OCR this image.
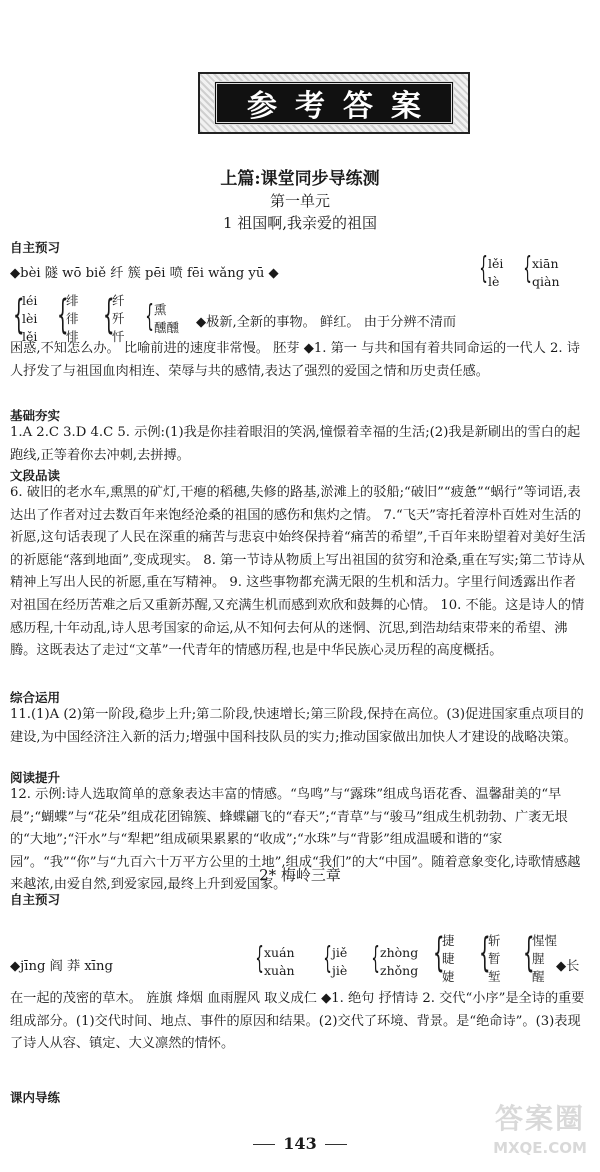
参考答案
上篇:课堂同步导练测
第一单元
1 祖国啊,我亲爱的祖国
自主预习
◆bèi 隧 wō biě 纤 簇 pēi 喷 fēi wǎng yū ◆	{ lěi
lè { xiān
qiàn
{
léi
lèi
lěi {
绯
徘
悱 {
纤
歼
忏
{ 熏
醺醺 ◆极新,全新的事物。 鲜红。 由于分辨不清而
困惑,不知怎么办。 比喻前进的速度非常慢。 胚芽 ◆1. 第一 与共和国有着共同命运的一代人 2. 诗人抒发了与祖国血肉相连、荣辱与共的感情,表达了强烈的爱国之情和历史责任感。
基础夯实
1.A 2.C 3.D 4.C 5. 示例:(1)我是你挂着眼泪的笑涡,憧憬着幸福的生活;(2)我是新刷出的雪白的起跑线,正等着你去冲刺,去拼搏。
文段品读
6. 破旧的老水车,熏黑的矿灯,干瘪的稻穗,失修的路基,淤滩上的驳船;“破旧”“疲惫”“蜗行”等词语,表达出了作者对过去数百年来饱经沧桑的祖国的感伤和焦灼之情。 7.“飞天”寄托着淳朴百姓对生活的祈愿,这句话表现了人民在深重的痛苦与悲哀中始终保持着“痛苦的希望”,千百年来盼望着对美好生活的祈愿能“落到地面”,变成现实。 8. 第一节诗从物质上写出祖国的贫穷和沧桑,重在写实;第二节诗从精神上写出人民的祈愿,重在写精神。 9. 这些事物都充满无限的生机和活力。字里行间透露出作者对祖国在经历苦难之后又重新苏醒,又充满生机而感到欢欣和鼓舞的心情。 10. 不能。这是诗人的情感历程,十年动乱,诗人思考国家的命运,从不知何去何从的迷惘、沉思,到浩劫结束带来的希望、沸腾。这既表达了走过“文革”一代青年的情感历程,也是中华民族心灵历程的高度概括。
综合运用
11.(1)A (2)第一阶段,稳步上升;第二阶段,快速增长;第三阶段,保持在高位。(3)促进国家重点项目的建设,为中国经济注入新的活力;增强中国科技队员的实力;推动国家做出加快人才建设的战略决策。
阅读提升
12. 示例:诗人选取简单的意象表达丰富的情感。“鸟鸣”与“露珠”组成鸟语花香、温馨甜美的“早晨”;“蝴蝶”与“花朵”组成花团锦簇、蜂蝶翩飞的“春天”;“青草”与“骏马”组成生机勃勃、广袤无垠的“大地”;“汗水”与“犁耙”组成硕果累累的“收成”;“水珠”与“背影”组成温暖和谐的“家园”。“我”“你”与“九百六十万平方公里的土地”,组成“我们”的大“中国”。随着意象变化,诗歌情感越来越浓,由爱自然,到爱家园,最终上升到爱国家。
2* 梅岭三章
自主预习
◆jīng 阎 莽 xīng	{ xuán
xuàn { jiě
jiè { zhòng
zhǒng {
捷
睫
婕
{
斩
暂
堑
{
惺惺
腥
醒
◆长
在一起的茂密的草木。 旌旗 烽烟 血雨腥风 取义成仁 ◆1. 绝句 抒情诗 2. 交代“小序”是全诗的重要组成部分。(1)交代时间、地点、事件的原因和结果。(2)交代了环境、背景。是“绝命诗”。(3)表现了诗人从容、镇定、大义凛然的情怀。
课内导练
143
答案圈
MXQE.COM
